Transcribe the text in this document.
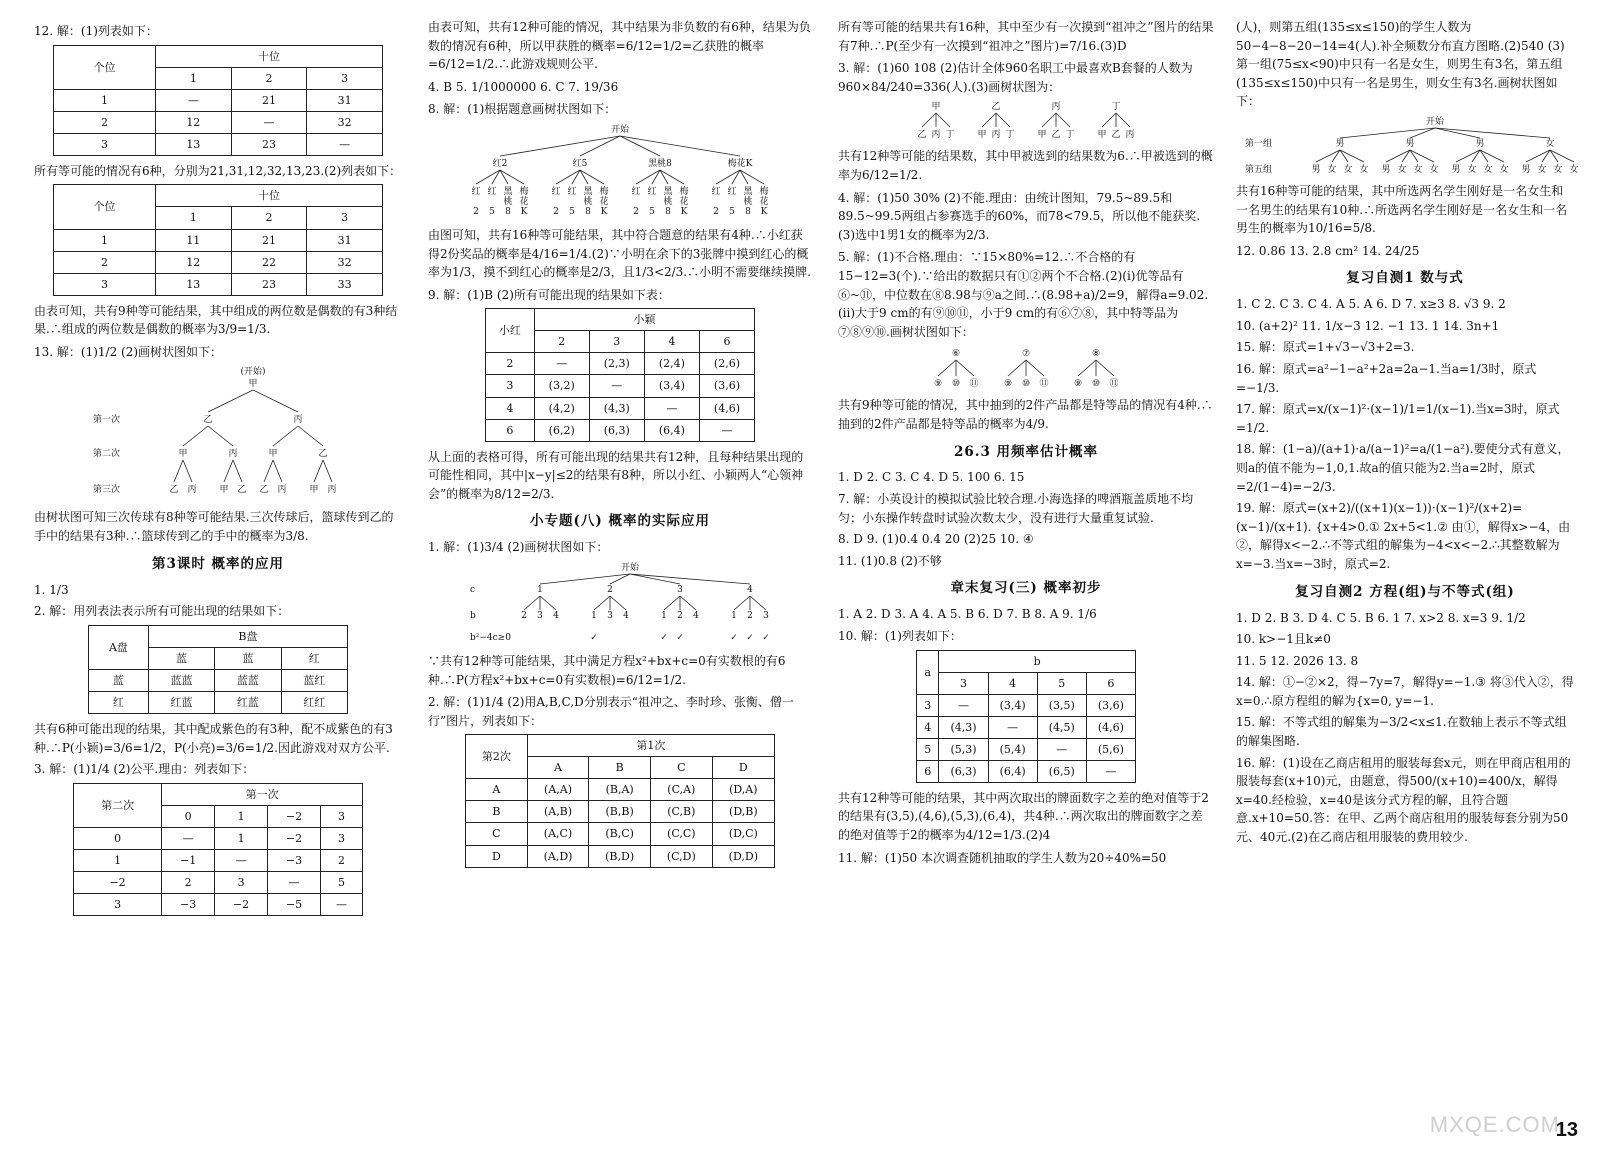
12. 解：(1)列表如下：

个位	十位		
	1	2	3
1	—	21	31
2	12	—	32
3	13	23	—

所有等可能的情况有6种，分别为21,31,12,32,13,23.(2)列表如下：

个位	十位		
	1	2	3
1	11	21	31
2	12	22	32
3	13	23	33

由表可知，共有9种等可能结果，其中组成的两位数是偶数的有3种结果.∴组成的两位数是偶数的概率为3/9=1/3.

13. 解：(1)1/2 (2)画树状图如下：

(开始)
甲
第一次
第二次
第三次
乙	丙
甲	丙	甲	乙
乙 丙	甲 乙 乙 丙	甲 丙

由树状图可知三次传球有8种等可能结果.三次传球后，篮球传到乙的手中的结果有3种.∴篮球传到乙的手中的概率为3/8.

第3课时 概率的应用

1. 1/3

2. 解：用列表法表示所有可能出现的结果如下：

A盘	B盘		
	蓝	蓝	红
蓝	蓝蓝	蓝蓝	蓝红
红	红蓝	红蓝	红红

共有6种可能出现的结果，其中配成紫色的有3种，配不成紫色的有3种.∴P(小颖)=3/6=1/2，P(小亮)=3/6=1/2.因此游戏对双方公平.

3. 解：(1)1/4 (2)公平.理由：列表如下：

第二次	第一次			
	0	1	−2	3
0	—	1	−2	3
1	−1	—	−3	2
−2	2	3	—	5
3	−3	−2	−5	—

由表可知，共有12种可能的情况，其中结果为非负数的有6种，结果为负数的情况有6种，所以甲获胜的概率=6/12=1/2=乙获胜的概率=6/12=1/2.∴此游戏规则公平.

4. B 5. 1/1000000 6. C 7. 19/36

8. 解：(1)根据题意画树状图如下：

开始
红2
红
2
红
5
黑
桃
8
梅
花
K
红5
红
2
红
5
黑
桃
8
梅
花
K
黑桃8
红
2
红
5
黑
桃
8
梅
花
K
梅花K
红
2
红
5
黑
桃
8
梅
花
K

由图可知，共有16种等可能结果，其中符合题意的结果有4种.∴小红获得2份奖品的概率是4/16=1/4.(2)∵小明在余下的3张牌中摸到红心的概率为1/3，摸不到红心的概率是2/3，且1/3<2/3.∴小明不需要继续摸牌.

9. 解：(1)B (2)所有可能出现的结果如下表：

小红	小颖			
	2	3	4	6
2	—	(2,3)	(2,4)	(2,6)
3	(3,2)	—	(3,4)	(3,6)
4	(4,2)	(4,3)	—	(4,6)
6	(6,2)	(6,3)	(6,4)	—

从上面的表格可得，所有可能出现的结果共有12种，且每种结果出现的可能性相同，其中|x−y|≤2的结果有8种，所以小红、小颖两人“心领神会”的概率为8/12=2/3.

小专题(八) 概率的实际应用

1. 解：(1)3/4 (2)画树状图如下：

开始
c
b
b²−4c≥0
1
2 3 4
2
1
✓
3 4
3
1
✓
2
✓
4
4
1
✓
2
✓
3
✓

∵共有12种等可能结果，其中满足方程x²+bx+c=0有实数根的有6种.∴P(方程x²+bx+c=0有实数根)=6/12=1/2.

2. 解：(1)1/4 (2)用A,B,C,D分别表示“祖冲之、李时珍、张衡、僧一行”图片，列表如下：

第2次	第1次			
	A	B	C	D
A	(A,A)	(B,A)	(C,A)	(D,A)
B	(A,B)	(B,B)	(C,B)	(D,B)
C	(A,C)	(B,C)	(C,C)	(D,C)
D	(A,D)	(B,D)	(C,D)	(D,D)

所有等可能的结果共有16种，其中至少有一次摸到“祖冲之”图片的结果有7种.∴P(至少有一次摸到“祖冲之”图片)=7/16.(3)D

3. 解：(1)60 108 (2)估计全体960名职工中最喜欢B套餐的人数为960×84/240=336(人).(3)画树状图为：

甲
乙 丙 丁
乙
甲 丙 丁
丙
甲 乙 丁
丁
甲 乙 丙

共有12种等可能的结果数，其中甲被选到的结果数为6.∴甲被选到的概率为6/12=1/2.

4. 解：(1)50 30% (2)不能.理由：由统计图知，79.5~89.5和89.5~99.5两组占参赛选手的60%，而78<79.5，所以他不能获奖.(3)选中1男1女的概率为2/3.

5. 解：(1)不合格.理由：∵15×80%=12.∴不合格的有15−12=3(个).∵给出的数据只有①②两个不合格.(2)(i)优等品有⑥~⑪，中位数在⑧8.98与⑨a之间.∴(8.98+a)/2=9，解得a=9.02.(ii)大于9 cm的有⑨⑩⑪，小于9 cm的有⑥⑦⑧，其中特等品为⑦⑧⑨⑩.画树状图如下：

⑥
⑨ ⑩ ⑪
⑦
⑨ ⑩ ⑪
⑧
⑨ ⑩ ⑪

共有9种等可能的情况，其中抽到的2件产品都是特等品的情况有4种.∴抽到的2件产品都是特等品的概率为4/9.

26.3 用频率估计概率

1. D 2. C 3. C 4. D 5. 100 6. 15

7. 解：小英设计的模拟试验比较合理.小海选择的啤酒瓶盖质地不均匀；小东操作转盘时试验次数太少，没有进行大量重复试验.

8. D 9. (1)0.4 0.4 20 (2)25 10. ④

11. (1)0.8 (2)不够

章末复习(三) 概率初步

1. A 2. D 3. A 4. A 5. B 6. D 7. B 8. A 9. 1/6

10. 解：(1)列表如下：

a	b			
	3	4	5	6
3	—	(3,4)	(3,5)	(3,6)
4	(4,3)	—	(4,5)	(4,6)
5	(5,3)	(5,4)	—	(5,6)
6	(6,3)	(6,4)	(6,5)	—

共有12种等可能的结果，其中两次取出的牌面数字之差的绝对值等于2的结果有(3,5),(4,6),(5,3),(6,4)，共4种.∴两次取出的牌面数字之差的绝对值等于2的概率为4/12=1/3.(2)4

11. 解：(1)50 本次调查随机抽取的学生人数为20÷40%=50

(人)，则第五组(135≤x≤150)的学生人数为50−4−8−20−14=4(人).补全频数分布直方图略.(2)540 (3)第一组(75≤x<90)中只有一名是女生，则男生有3名，第五组(135≤x≤150)中只有一名是男生，则女生有3名.画树状图如下：

开始
第一组
第五组
男
男 女 女 女
男
男 女 女 女
男
男 女 女 女
女
男 女 女 女

共有16种等可能的结果，其中所选两名学生刚好是一名女生和一名男生的结果有10种.∴所选两名学生刚好是一名女生和一名男生的概率为10/16=5/8.

12. 0.86 13. 2.8 cm² 14. 24/25

复习自测1 数与式

1. C 2. C 3. C 4. A 5. A 6. D 7. x≥3 8. √3 9. 2

10. (a+2)² 11. 1/x−3 12. −1 13. 1 14. 3n+1

15. 解：原式=1+√3−√3+2=3.

16. 解：原式=a²−1−a²+2a=2a−1.当a=1/3时，原式=−1/3.

17. 解：原式=x/(x−1)²·(x−1)/1=1/(x−1).当x=3时，原式=1/2.

18. 解：(1−a)/(a+1)·a/(a−1)²=a/(1−a²).要使分式有意义，则a的值不能为−1,0,1.故a的值只能为2.当a=2时，原式=2/(1−4)=−2/3.

19. 解：原式=(x+2)/((x+1)(x−1))·(x−1)²/(x+2)=(x−1)/(x+1). {x+4>0.① 2x+5<1.② 由①，解得x>−4，由②，解得x<−2.∴不等式组的解集为−4<x<−2.∴其整数解为x=−3.当x=−3时，原式=2.

复习自测2 方程(组)与不等式(组)

1. D 2. B 3. D 4. C 5. B 6. 1 7. x>2 8. x=3 9. 1/2

10. k>−1且k≠0

11. 5 12. 2026 13. 8

14. 解：①−②×2，得−7y=7，解得y=−1.③ 将③代入②，得x=0.∴原方程组的解为{x=0, y=−1.

15. 解：不等式组的解集为−3/2<x≤1.在数轴上表示不等式组的解集图略.

16. 解：(1)设在乙商店租用的服装每套x元，则在甲商店租用的服装每套(x+10)元，由题意，得500/(x+10)=400/x，解得x=40.经检验，x=40是该分式方程的解，且符合题意.x+10=50.答：在甲、乙两个商店租用的服装每套分别为50元、40元.(2)在乙商店租用服装的费用较少.

MXQE.COM
13
